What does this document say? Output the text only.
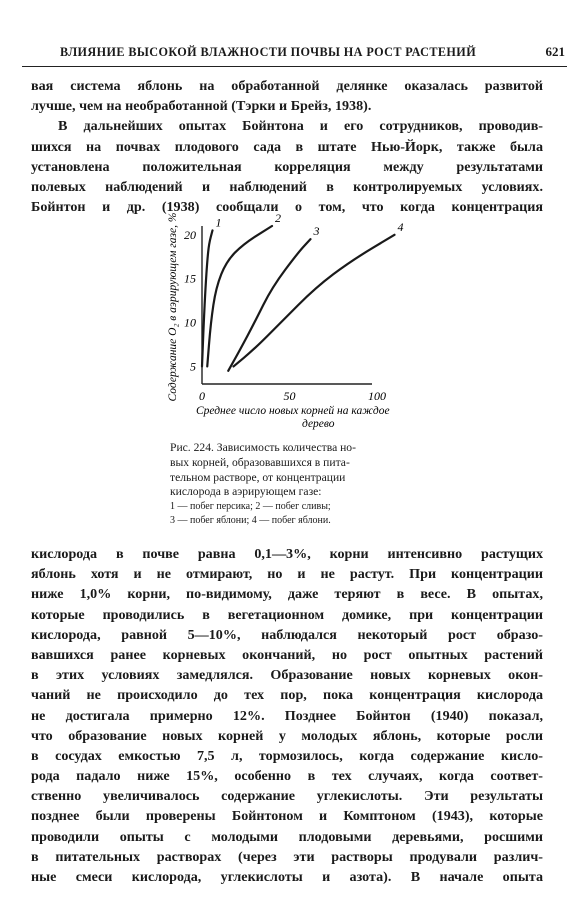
ВЛИЯНИЕ ВЫСОКОЙ ВЛАЖНОСТИ ПОЧВЫ НА РОСТ РАСТЕНИЙ	621
вая система яблонь на обработанной делянке оказалась развитой
лучше, чем на необработанной (Тэрки и Брейз, 1938).
В дальнейших опытах Бойнтона и его сотрудников, проводив-
шихся на почвах плодового сада в штате Нью-Йорк, также была
установлена положительная корреляция между результатами
полевых наблюдений и наблюдений в контролируемых условиях.
Бойнтон и др. (1938) сообщали о том, что когда концентрация
0	50	100
5
10
15
20
1	2
3	4
Содержание O₂ в аэрирующем газе, %
Среднее число новых корней на каждое
дерево
Рис. 224. Зависимость количества но-
вых корней, образовавшихся в пита-
тельном растворе, от концентрации
кислорода в аэрирующем газе:
1 — побег персика; 2 — побег сливы;
3 — побег яблони; 4 — побег яблони.
кислорода в почве равна 0,1—3%, корни интенсивно растущих
яблонь хотя и не отмирают, но и не растут. При концентрации
ниже 1,0% корни, по-видимому, даже теряют в весе. В опытах,
которые проводились в вегетационном домике, при концентрации
кислорода, равной 5—10%, наблюдался некоторый рост образо-
вавшихся ранее корневых окончаний, но рост опытных растений
в этих условиях замедлялся. Образование новых корневых окон-
чаний не происходило до тех пор, пока концентрация кислорода
не достигала примерно 12%. Позднее Бойнтон (1940) показал,
что образование новых корней у молодых яблонь, которые росли
в сосудах емкостью 7,5 л, тормозилось, когда содержание кисло-
рода падало ниже 15%, особенно в тех случаях, когда соответ-
ственно увеличивалось содержание углекислоты. Эти результаты
позднее были проверены Бойнтоном и Комптоном (1943), которые
проводили опыты с молодыми плодовыми деревьями, росшими
в питательных растворах (через эти растворы продували различ-
ные смеси кислорода, углекислоты и азота). В начале опыта
